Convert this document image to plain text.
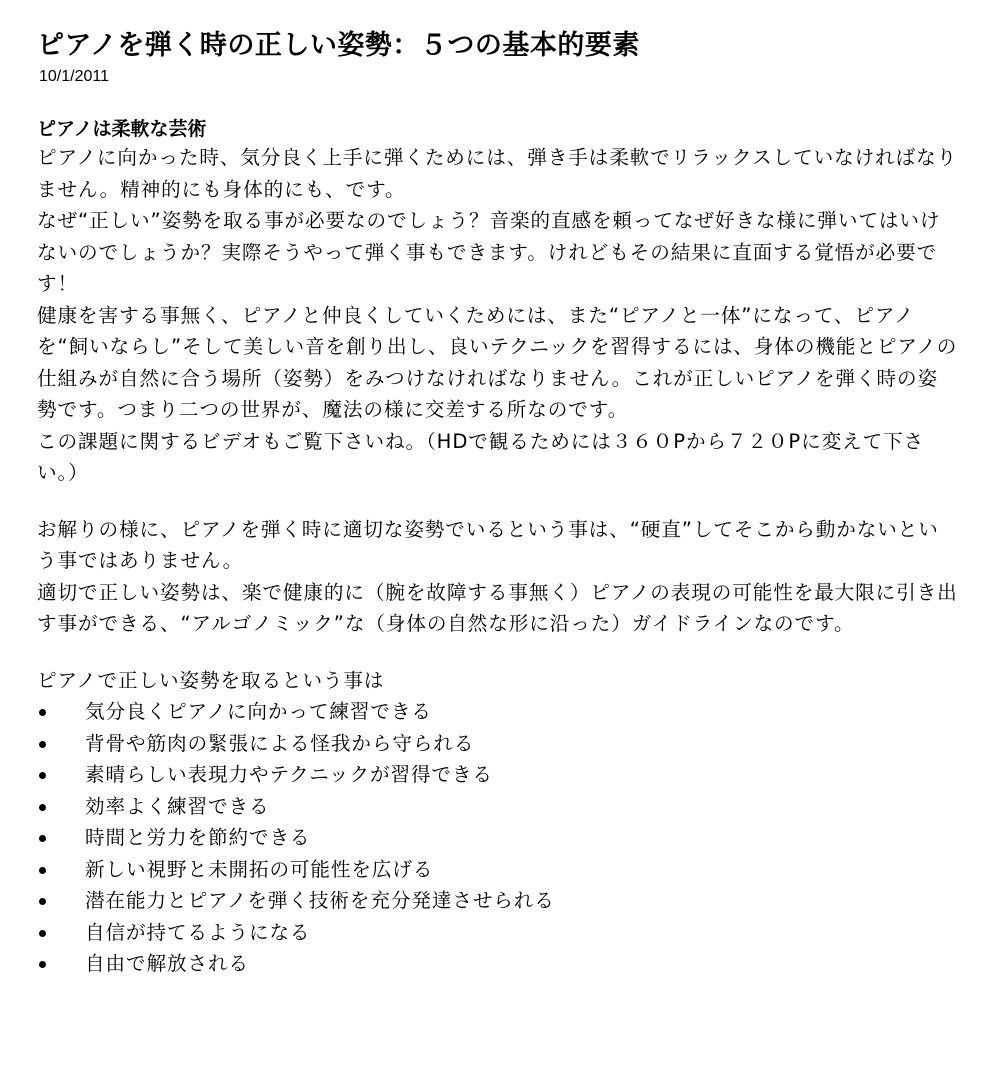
ピアノを弾く時の正しい姿勢：５つの基本的要素
10/1/2011
ピアノは柔軟な芸術

ピアノに向かった時、気分良く上手に弾くためには、弾き手は柔軟でリラックスしていなければなりません。精神的にも身体的にも、です。

なぜ“正しい”姿勢を取る事が必要なのでしょう？音楽的直感を頼ってなぜ好きな様に弾いてはいけないのでしょうか？実際そうやって弾く事もできます。けれどもその結果に直面する覚悟が必要です！

健康を害する事無く、ピアノと仲良くしていくためには、また“ピアノと一体”になって、ピアノを“飼いならし”そして美しい音を創り出し、良いテクニックを習得するには、身体の機能とピアノの仕組みが自然に合う場所（姿勢）をみつけなければなりません。これが正しいピアノを弾く時の姿勢です。つまり二つの世界が、魔法の様に交差する所なのです。

この課題に関するビデオもご覧下さいね。（HDで観るためには３６０Pから７２０Pに変えて下さい。）

お解りの様に、ピアノを弾く時に適切な姿勢でいるという事は、“硬直”してそこから動かないという事ではありません。

適切で正しい姿勢は、楽で健康的に（腕を故障する事無く）ピアノの表現の可能性を最大限に引き出す事ができる、“アルゴノミック”な（身体の自然な形に沿った）ガイドラインなのです。

ピアノで正しい姿勢を取るという事は

気分良くピアノに向かって練習できる
背骨や筋肉の緊張による怪我から守られる
素晴らしい表現力やテクニックが習得できる
効率よく練習できる
時間と労力を節約できる
新しい視野と未開拓の可能性を広げる
潜在能力とピアノを弾く技術を充分発達させられる
自信が持てるようになる
自由で解放される
